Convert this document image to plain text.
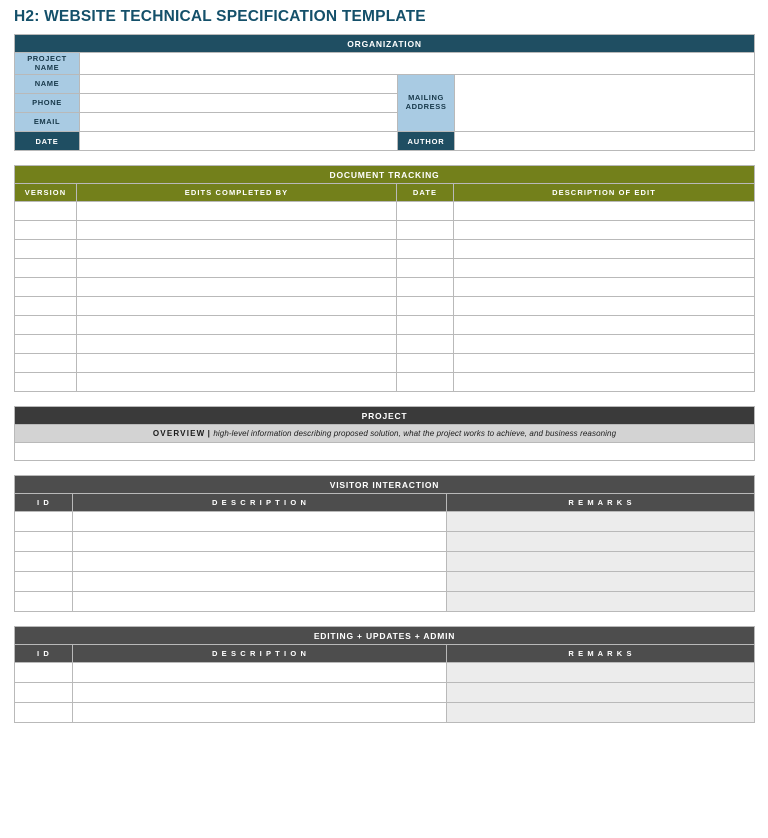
H2: WEBSITE TECHNICAL SPECIFICATION TEMPLATE
ORGANIZATION			
PROJECT NAME			
NAME		MAILING ADDRESS	
PHONE			
EMAIL			
DATE		AUTHOR	
DOCUMENT TRACKING			
VERSION	EDITS COMPLETED BY	DATE	DESCRIPTION OF EDIT

PROJECT
OVERVIEW | high-level information describing proposed solution, what the project works to achieve, and business reasoning

VISITOR INTERACTION		
I D	D E S C R I P T I O N	R E M A R K S

EDITING + UPDATES + ADMIN		
I D	D E S C R I P T I O N	R E M A R K S
